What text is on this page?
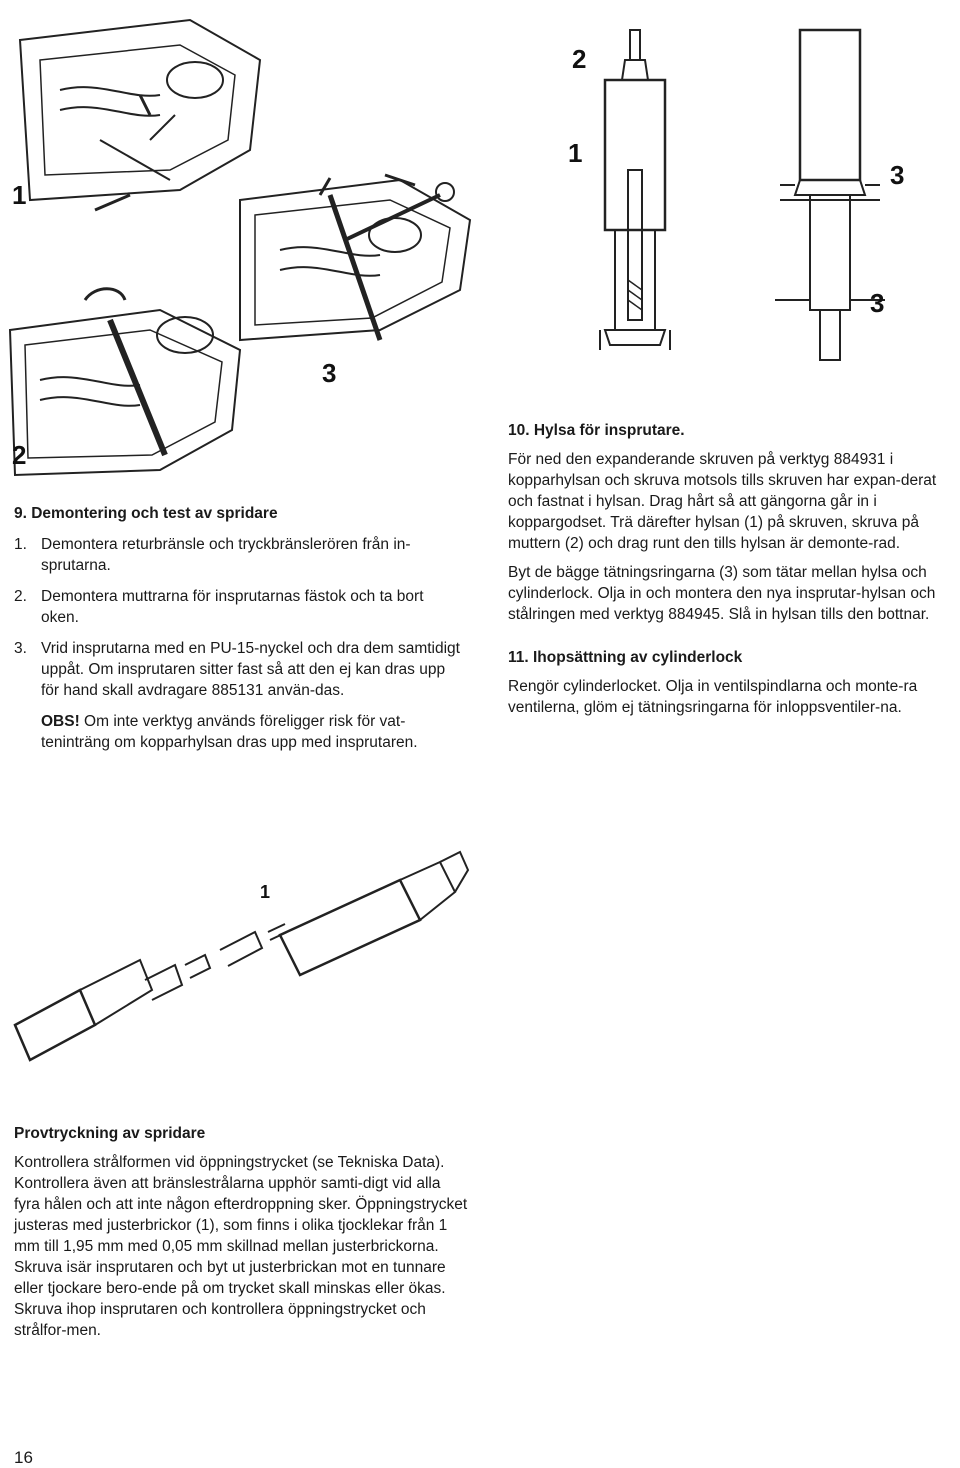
1
2
3
2
1
3
3
1

9. Demontering och test av spridare

1. Demontera returbränsle och tryckbränslerören från in-sprutarna.
2. Demontera muttrarna för insprutarnas fästok och ta bort oken.
3. Vrid insprutarna med en PU-15-nyckel och dra dem samtidigt uppåt. Om insprutaren sitter fast så att den ej kan dras upp för hand skall avdragare 885131 använ-das.
OBS! Om inte verktyg används föreligger risk för vat-teninträng om kopparhylsan dras upp med insprutaren.

10. Hylsa för insprutare.

För ned den expanderande skruven på verktyg 884931 i kopparhylsan och skruva motsols tills skruven har expan-derat och fastnat i hylsan. Drag hårt så att gängorna går in i koppargodset. Trä därefter hylsan (1) på skruven, skruva på muttern (2) och drag runt den tills hylsan är demonte-rad.

Byt de bägge tätningsringarna (3) som tätar mellan hylsa och cylinderlock. Olja in och montera den nya insprutar-hylsan och stålringen med verktyg 884945. Slå in hylsan tills den bottnar.

11. Ihopsättning av cylinderlock

Rengör cylinderlocket. Olja in ventilspindlarna och monte-ra ventilerna, glöm ej tätningsringarna för inloppsventiler-na.

Provtryckning av spridare

Kontrollera strålformen vid öppningstrycket (se Tekniska Data). Kontrollera även att bränslestrålarna upphör samti-digt vid alla fyra hålen och att inte någon efterdroppning sker. Öppningstrycket justeras med justerbrickor (1), som finns i olika tjocklekar från 1 mm till 1,95 mm med 0,05 mm skillnad mellan justerbrickorna. Skruva isär insprutaren och byt ut justerbrickan mot en tunnare eller tjockare bero-ende på om trycket skall minskas eller ökas. Skruva ihop insprutaren och kontrollera öppningstrycket och strålfor-men.

16
